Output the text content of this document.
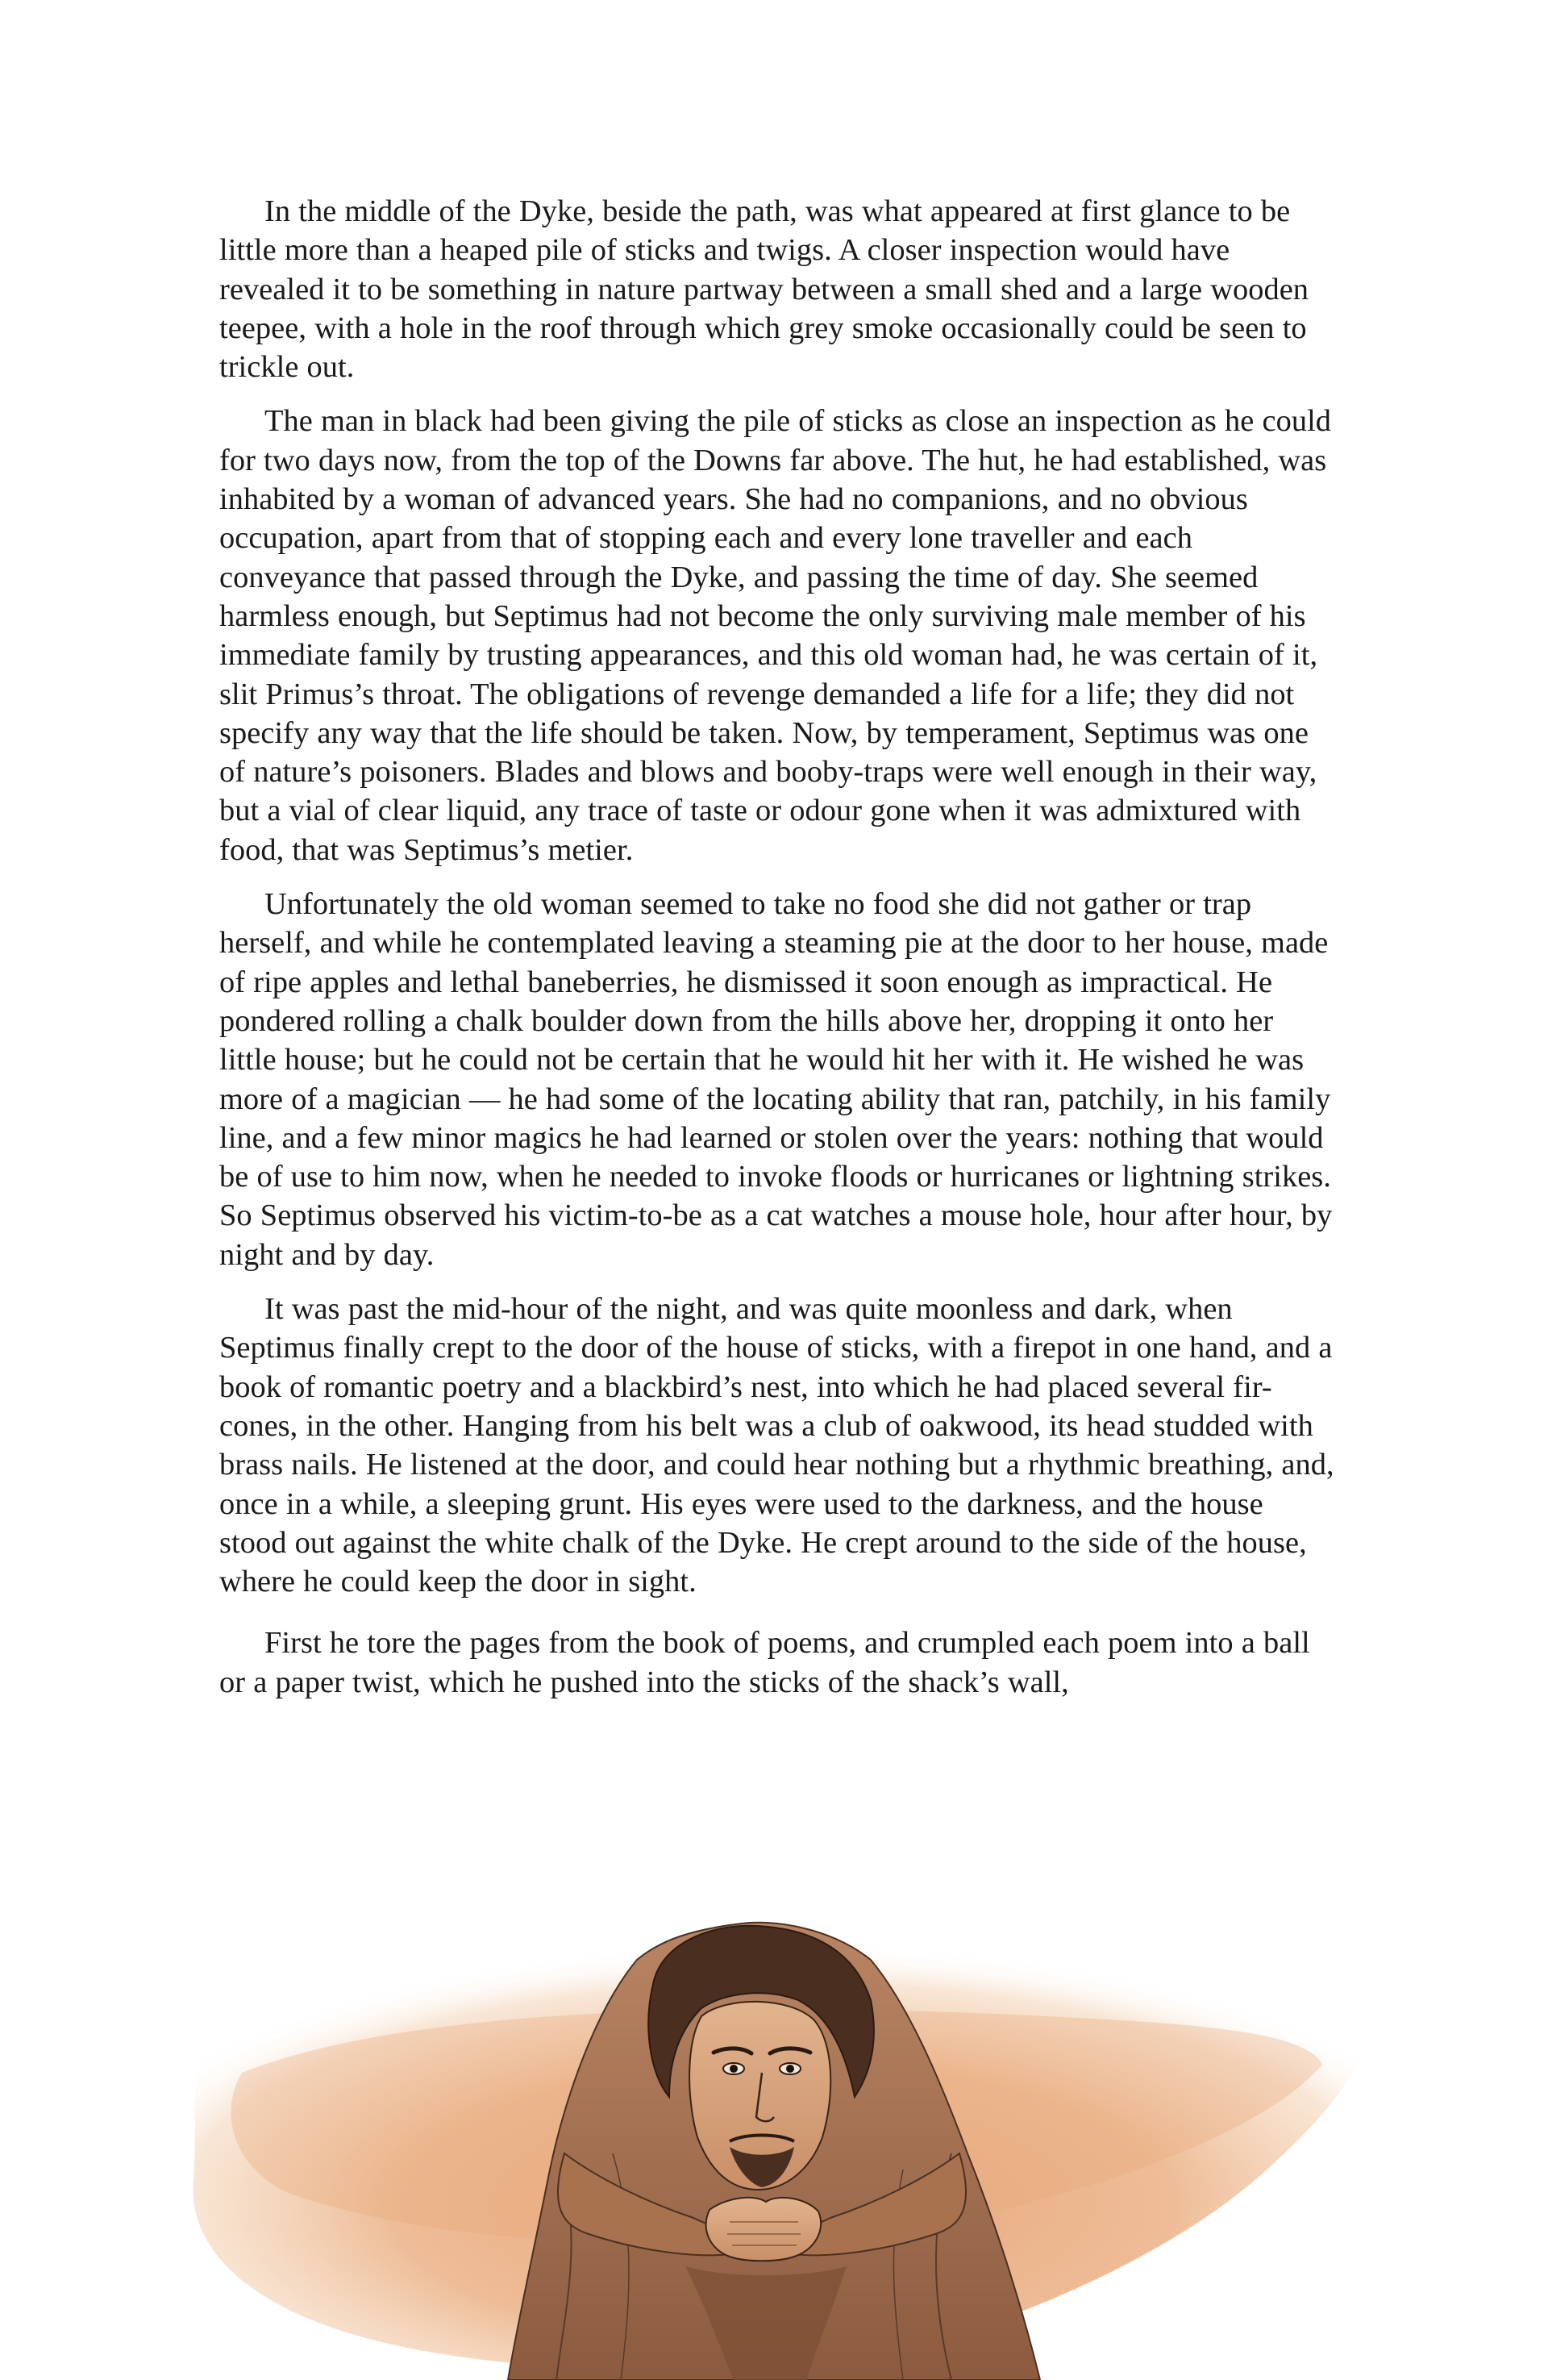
In the middle of the Dyke, beside the path, was what appeared at first glance to be little more than a heaped pile of sticks and twigs. A closer inspection would have revealed it to be something in nature partway between a small shed and a large wooden teepee, with a hole in the roof through which grey smoke occasionally could be seen to trickle out.

The man in black had been giving the pile of sticks as close an inspection as he could for two days now, from the top of the Downs far above. The hut, he had established, was inhabited by a woman of advanced years. She had no companions, and no obvious occupation, apart from that of stopping each and every lone traveller and each conveyance that passed through the Dyke, and passing the time of day. She seemed harmless enough, but Septimus had not become the only surviving male member of his immediate family by trusting appearances, and this old woman had, he was certain of it, slit Primus’s throat. The obligations of revenge demanded a life for a life; they did not specify any way that the life should be taken. Now, by temperament, Septimus was one of nature’s poisoners. Blades and blows and booby-traps were well enough in their way, but a vial of clear liquid, any trace of taste or odour gone when it was admixtured with food, that was Septimus’s metier.

Unfortunately the old woman seemed to take no food she did not gather or trap herself, and while he contemplated leaving a steaming pie at the door to her house, made of ripe apples and lethal baneberries, he dismissed it soon enough as impractical. He pondered rolling a chalk boulder down from the hills above her, dropping it onto her little house; but he could not be certain that he would hit her with it. He wished he was more of a magician — he had some of the locating ability that ran, patchily, in his family line, and a few minor magics he had learned or stolen over the years: nothing that would be of use to him now, when he needed to invoke floods or hurricanes or lightning strikes. So Septimus observed his victim-to-be as a cat watches a mouse hole, hour after hour, by night and by day.

It was past the mid-hour of the night, and was quite moonless and dark, when Septimus finally crept to the door of the house of sticks, with a firepot in one hand, and a book of romantic poetry and a blackbird’s nest, into which he had placed several fir-cones, in the other. Hanging from his belt was a club of oakwood, its head studded with brass nails. He listened at the door, and could hear nothing but a rhythmic breathing, and, once in a while, a sleeping grunt. His eyes were used to the darkness, and the house stood out against the white chalk of the Dyke. He crept around to the side of the house, where he could keep the door in sight.

First he tore the pages from the book of poems, and crumpled each poem into a ball or a paper twist, which he pushed into the sticks of the shack’s wall,
